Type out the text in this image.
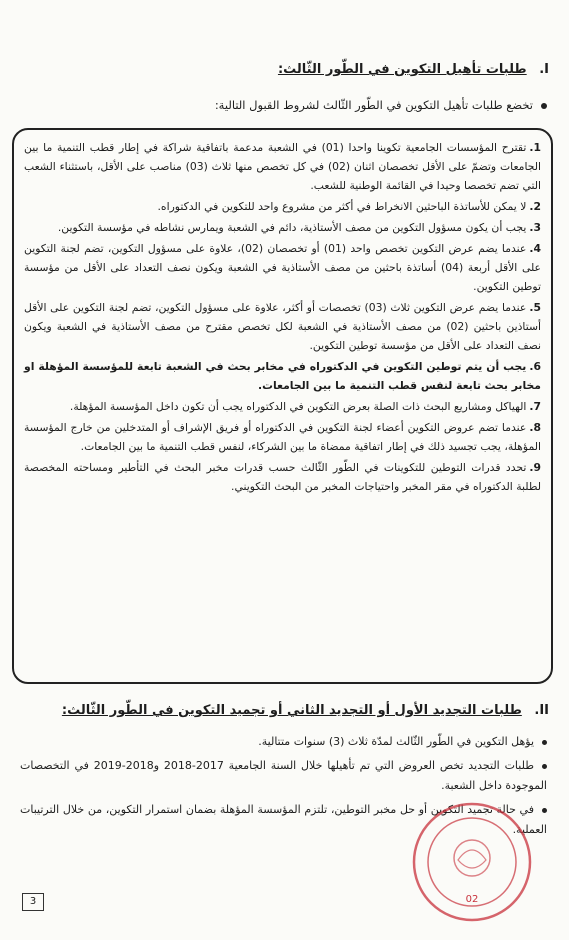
I. طلبات تأهيل التكوين في الطّور الثّالث:
تخضع طلبات تأهيل التكوين في الطّور الثّالث لشروط القبول التالية:

1.تقترح المؤسسات الجامعية تكوينا واحدا (01) في الشعبة مدعمة باتفاقية شراكة في إطار قطب التنمية ما بين الجامعات وتضمّ على الأقل تخصصان اثنان (02) في كل تخصص منها ثلاث (03) مناصب على الأقل، باستثناء الشعب التي تضم تخصصا وحيدا في القائمة الوطنية للشعب.

2.لا يمكن للأساتذة الباحثين الانخراط في أكثر من مشروع واحد للتكوين في الدكتوراه.

3.يجب أن يكون مسؤول التكوين من مصف الأستاذية، دائم في الشعبة ويمارس نشاطه في مؤسسة التكوين.

4.عندما يضم عرض التكوين تخصص واحد (01) أو تخصصان (02)، علاوة على مسؤول التكوين، تضم لجنة التكوين على الأقل أربعة (04) أساتذة باحثين من مصف الأستاذية في الشعبة ويكون نصف التعداد على الأقل من مؤسسة توطين التكوين.

5.عندما يضم عرض التكوين ثلاث (03) تخصصات أو أكثر، علاوة على مسؤول التكوين، تضم لجنة التكوين على الأقل أستاذين باحثين (02) من مصف الأستاذية في الشعبة لكل تخصص مقترح من مصف الأستاذية في الشعبة ويكون نصف التعداد على الأقل من مؤسسة توطين التكوين.

6.يجب أن يتم توطين التكوين في الدكتوراه في مخابر بحث في الشعبة تابعة للمؤسسة المؤهلة او مخابر بحث تابعة لنفس قطب التنمية ما بين الجامعات.

7.الهياكل ومشاريع البحث ذات الصلة بعرض التكوين في الدكتوراه يجب أن تكون داخل المؤسسة المؤهلة.

8.عندما تضم عروض التكوين أعضاء لجنة التكوين في الدكتوراه أو فريق الإشراف أو المتدخلين من خارج المؤسسة المؤهلة، يجب تجسيد ذلك في إطار اتفاقية ممضاة ما بين الشركاء، لنفس قطب التنمية ما بين الجامعات.

9.تحدد قدرات التوطين للتكوينات في الطّور الثّالث حسب قدرات مخبر البحث في التأطير ومساحته المخصصة لطلبة الدكتوراه في مقر المخبر واحتياجات المخبر من البحث التكويني.

II. طلبات التجديد الأول أو التجديد الثاني أو تجميد التكوين في الطّور الثّالث:
يؤهل التكوين في الطّور الثّالث لمدّة ثلاث (3) سنوات متتالية.
طلبات التجديد تخص العروض التي تم تأهيلها خلال السنة الجامعية 2017-2018 و2018-2019 في التخصصات الموجودة داخل الشعبة.
في حالة تجميد التكوين أو حل مخبر التوطين، تلتزم المؤسسة المؤهلة بضمان استمرار التكوين، من خلال الترتيبات العملية.
02
3
